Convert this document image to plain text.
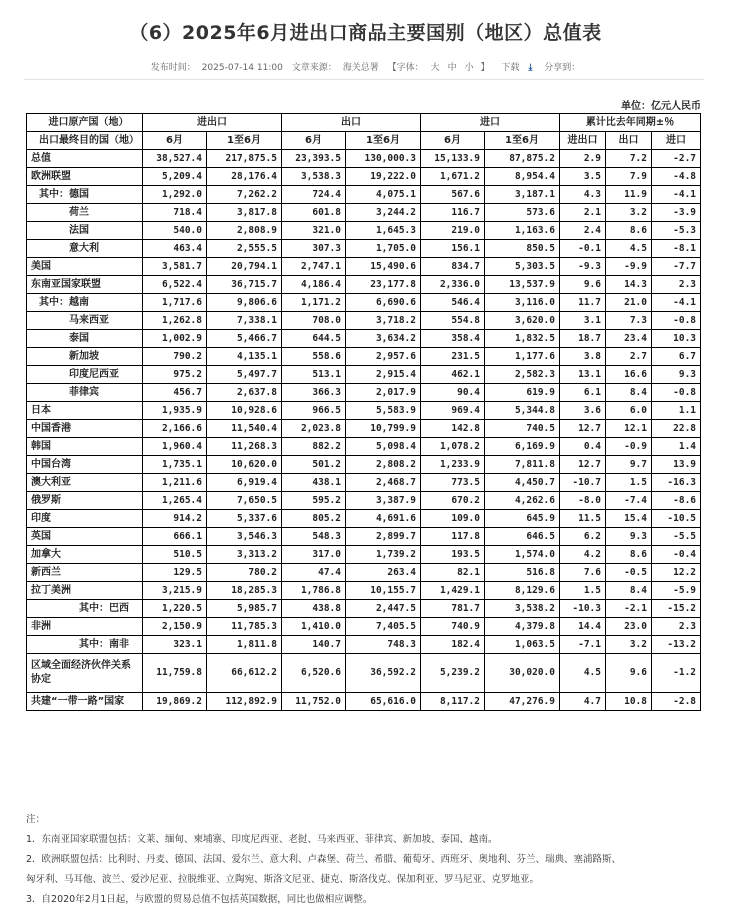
（6）2025年6月进出口商品主要国别（地区）总值表
发布时间： 2025-07-14 11:00 文章来源： 海关总署 【字体： 大 中 小 】 下载 ⤓ 分享到：
单位：亿元人民币
进口原产国（地）	进出口		出口		进口		累计比去年同期±％		
出口最终目的国（地）	6月	1至6月	6月	1至6月	6月	1至6月	进出口	出口	进口
总值	38,527.4	217,875.5	23,393.5	130,000.3	15,133.9	87,875.2	2.9	7.2	-2.7
欧洲联盟	5,209.4	28,176.4	3,538.3	19,222.0	1,671.2	8,954.4	3.5	7.9	-4.8
其中：德国	1,292.0	7,262.2	724.4	4,075.1	567.6	3,187.1	4.3	11.9	-4.1
荷兰	718.4	3,817.8	601.8	3,244.2	116.7	573.6	2.1	3.2	-3.9
法国	540.0	2,808.9	321.0	1,645.3	219.0	1,163.6	2.4	8.6	-5.3
意大利	463.4	2,555.5	307.3	1,705.0	156.1	850.5	-0.1	4.5	-8.1
美国	3,581.7	20,794.1	2,747.1	15,490.6	834.7	5,303.5	-9.3	-9.9	-7.7
东南亚国家联盟	6,522.4	36,715.7	4,186.4	23,177.8	2,336.0	13,537.9	9.6	14.3	2.3
其中：越南	1,717.6	9,806.6	1,171.2	6,690.6	546.4	3,116.0	11.7	21.0	-4.1
马来西亚	1,262.8	7,338.1	708.0	3,718.2	554.8	3,620.0	3.1	7.3	-0.8
泰国	1,002.9	5,466.7	644.5	3,634.2	358.4	1,832.5	18.7	23.4	10.3
新加坡	790.2	4,135.1	558.6	2,957.6	231.5	1,177.6	3.8	2.7	6.7
印度尼西亚	975.2	5,497.7	513.1	2,915.4	462.1	2,582.3	13.1	16.6	9.3
菲律宾	456.7	2,637.8	366.3	2,017.9	90.4	619.9	6.1	8.4	-0.8
日本	1,935.9	10,928.6	966.5	5,583.9	969.4	5,344.8	3.6	6.0	1.1
中国香港	2,166.6	11,540.4	2,023.8	10,799.9	142.8	740.5	12.7	12.1	22.8
韩国	1,960.4	11,268.3	882.2	5,098.4	1,078.2	6,169.9	0.4	-0.9	1.4
中国台湾	1,735.1	10,620.0	501.2	2,808.2	1,233.9	7,811.8	12.7	9.7	13.9
澳大利亚	1,211.6	6,919.4	438.1	2,468.7	773.5	4,450.7	-10.7	1.5	-16.3
俄罗斯	1,265.4	7,650.5	595.2	3,387.9	670.2	4,262.6	-8.0	-7.4	-8.6
印度	914.2	5,337.6	805.2	4,691.6	109.0	645.9	11.5	15.4	-10.5
英国	666.1	3,546.3	548.3	2,899.7	117.8	646.5	6.2	9.3	-5.5
加拿大	510.5	3,313.2	317.0	1,739.2	193.5	1,574.0	4.2	8.6	-0.4
新西兰	129.5	780.2	47.4	263.4	82.1	516.8	7.6	-0.5	12.2
拉丁美洲	3,215.9	18,285.3	1,786.8	10,155.7	1,429.1	8,129.6	1.5	8.4	-5.9
其中：巴西	1,220.5	5,985.7	438.8	2,447.5	781.7	3,538.2	-10.3	-2.1	-15.2
非洲	2,150.9	11,785.3	1,410.0	7,405.5	740.9	4,379.8	14.4	23.0	2.3
其中：南非	323.1	1,811.8	140.7	748.3	182.4	1,063.5	-7.1	3.2	-13.2
区域全面经济伙伴关系协定	11,759.8	66,612.2	6,520.6	36,592.2	5,239.2	30,020.0	4.5	9.6	-1.2
共建“一带一路”国家	19,869.2	112,892.9	11,752.0	65,616.0	8,117.2	47,276.9	4.7	10.8	-2.8
注：
1．东南亚国家联盟包括：文莱、缅甸、柬埔寨、印度尼西亚、老挝、马来西亚、菲律宾、新加坡、泰国、越南。
2．欧洲联盟包括：比利时、丹麦、德国、法国、爱尔兰、意大利、卢森堡、荷兰、希腊、葡萄牙、西班牙、奥地利、芬兰、瑞典、塞浦路斯、
匈牙利、马耳他、波兰、爱沙尼亚、拉脱维亚、立陶宛、斯洛文尼亚、捷克、斯洛伐克、保加利亚、罗马尼亚、克罗地亚。
3．自2020年2月1日起，与欧盟的贸易总值不包括英国数据，同比也做相应调整。
